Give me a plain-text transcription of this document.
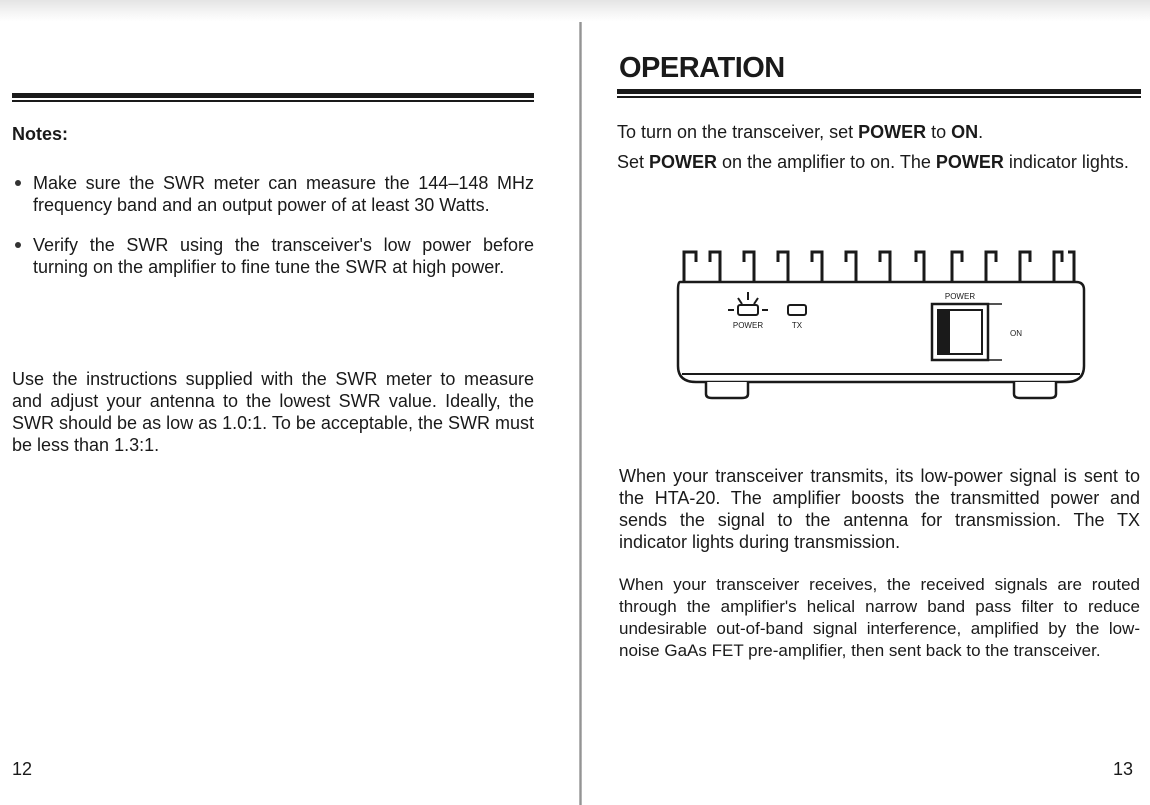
Notes:
Make sure the SWR meter can measure the 144–148 MHz frequency band and an output power of at least 30 Watts.
Verify the SWR using the transceiver's low power before turning on the amplifier to fine tune the SWR at high power.

Use the instructions supplied with the SWR meter to measure and adjust your antenna to the lowest SWR value. Ideally, the SWR should be as low as 1.0:1. To be acceptable, the SWR must be less than 1.3:1.

12

OPERATION

To turn on the transceiver, set POWER to ON.

Set POWER on the amplifier to on. The POWER indicator lights.

POWER	TX
POWER
ON

When your transceiver transmits, its low-power signal is sent to the HTA-20. The amplifier boosts the transmitted power and sends the signal to the antenna for transmission. The TX indicator lights during transmission.

When your transceiver receives, the received signals are routed through the amplifier's helical narrow band pass filter to reduce undesirable out-of-band signal interference, amplified by the low-noise GaAs FET pre-amplifier, then sent back to the transceiver.

13
